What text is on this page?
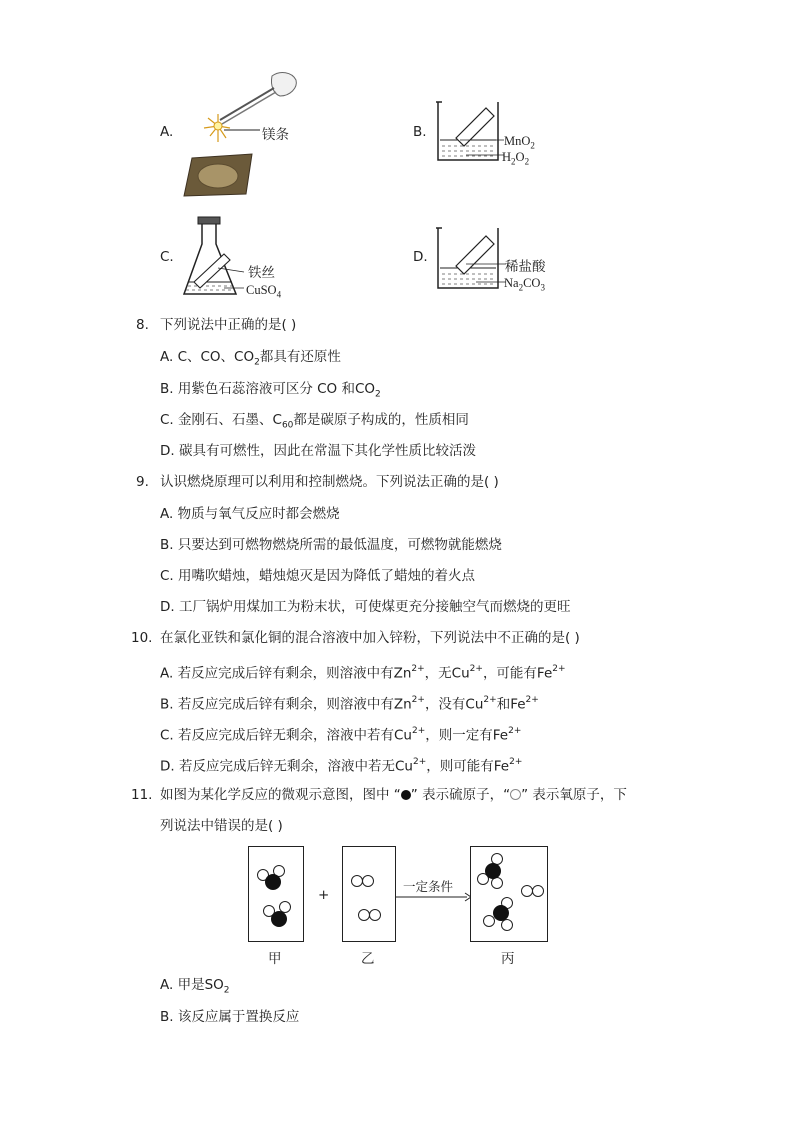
A.	镁条	B.
MnO$_2$
$H_2O_2$
C.
铁丝
CuSO$_4$
D.
稀盐酸
$Na_2CO_3$
8. 下列说法中正确的是( )
A. C、CO、$CO_2$都具有还原性
B. 用紫色石蕊溶液可区分 CO 和$CO_2$
C. 金刚石、石墨、$C_{60}$都是碳原子构成的，性质相同
D. 碳具有可燃性，因此在常温下其化学性质比较活泼
9. 认识燃烧原理可以利用和控制燃烧。下列说法正确的是( )
A. 物质与氧气反应时都会燃烧
B. 只要达到可燃物燃烧所需的最低温度，可燃物就能燃烧
C. 用嘴吹蜡烛，蜡烛熄灭是因为降低了蜡烛的着火点
D. 工厂锅炉用煤加工为粉末状，可使煤更充分接触空气而燃烧的更旺
10. 在氯化亚铁和氯化铜的混合溶液中加入锌粉，下列说法中不正确的是( )
A. 若反应完成后锌有剩余，则溶液中有$Zn^{2+}$，无$Cu^{2+}$，可能有$Fe^{2+}$
B. 若反应完成后锌有剩余，则溶液中有$Zn^{2+}$，没有$Cu^{2+}$和$Fe^{2+}$
C. 若反应完成后锌无剩余，溶液中若有$Cu^{2+}$，则一定有$Fe^{2+}$
D. 若反应完成后锌无剩余，溶液中若无$Cu^{2+}$，则可能有$Fe^{2+}$
11. 如图为某化学反应的微观示意图，图中 “ ” 表示硫原子，“ ” 表示氧原子，下
列说法中错误的是( )
+
一定条件
甲	乙	丙
A. 甲是$SO_2$
B. 该反应属于置换反应
